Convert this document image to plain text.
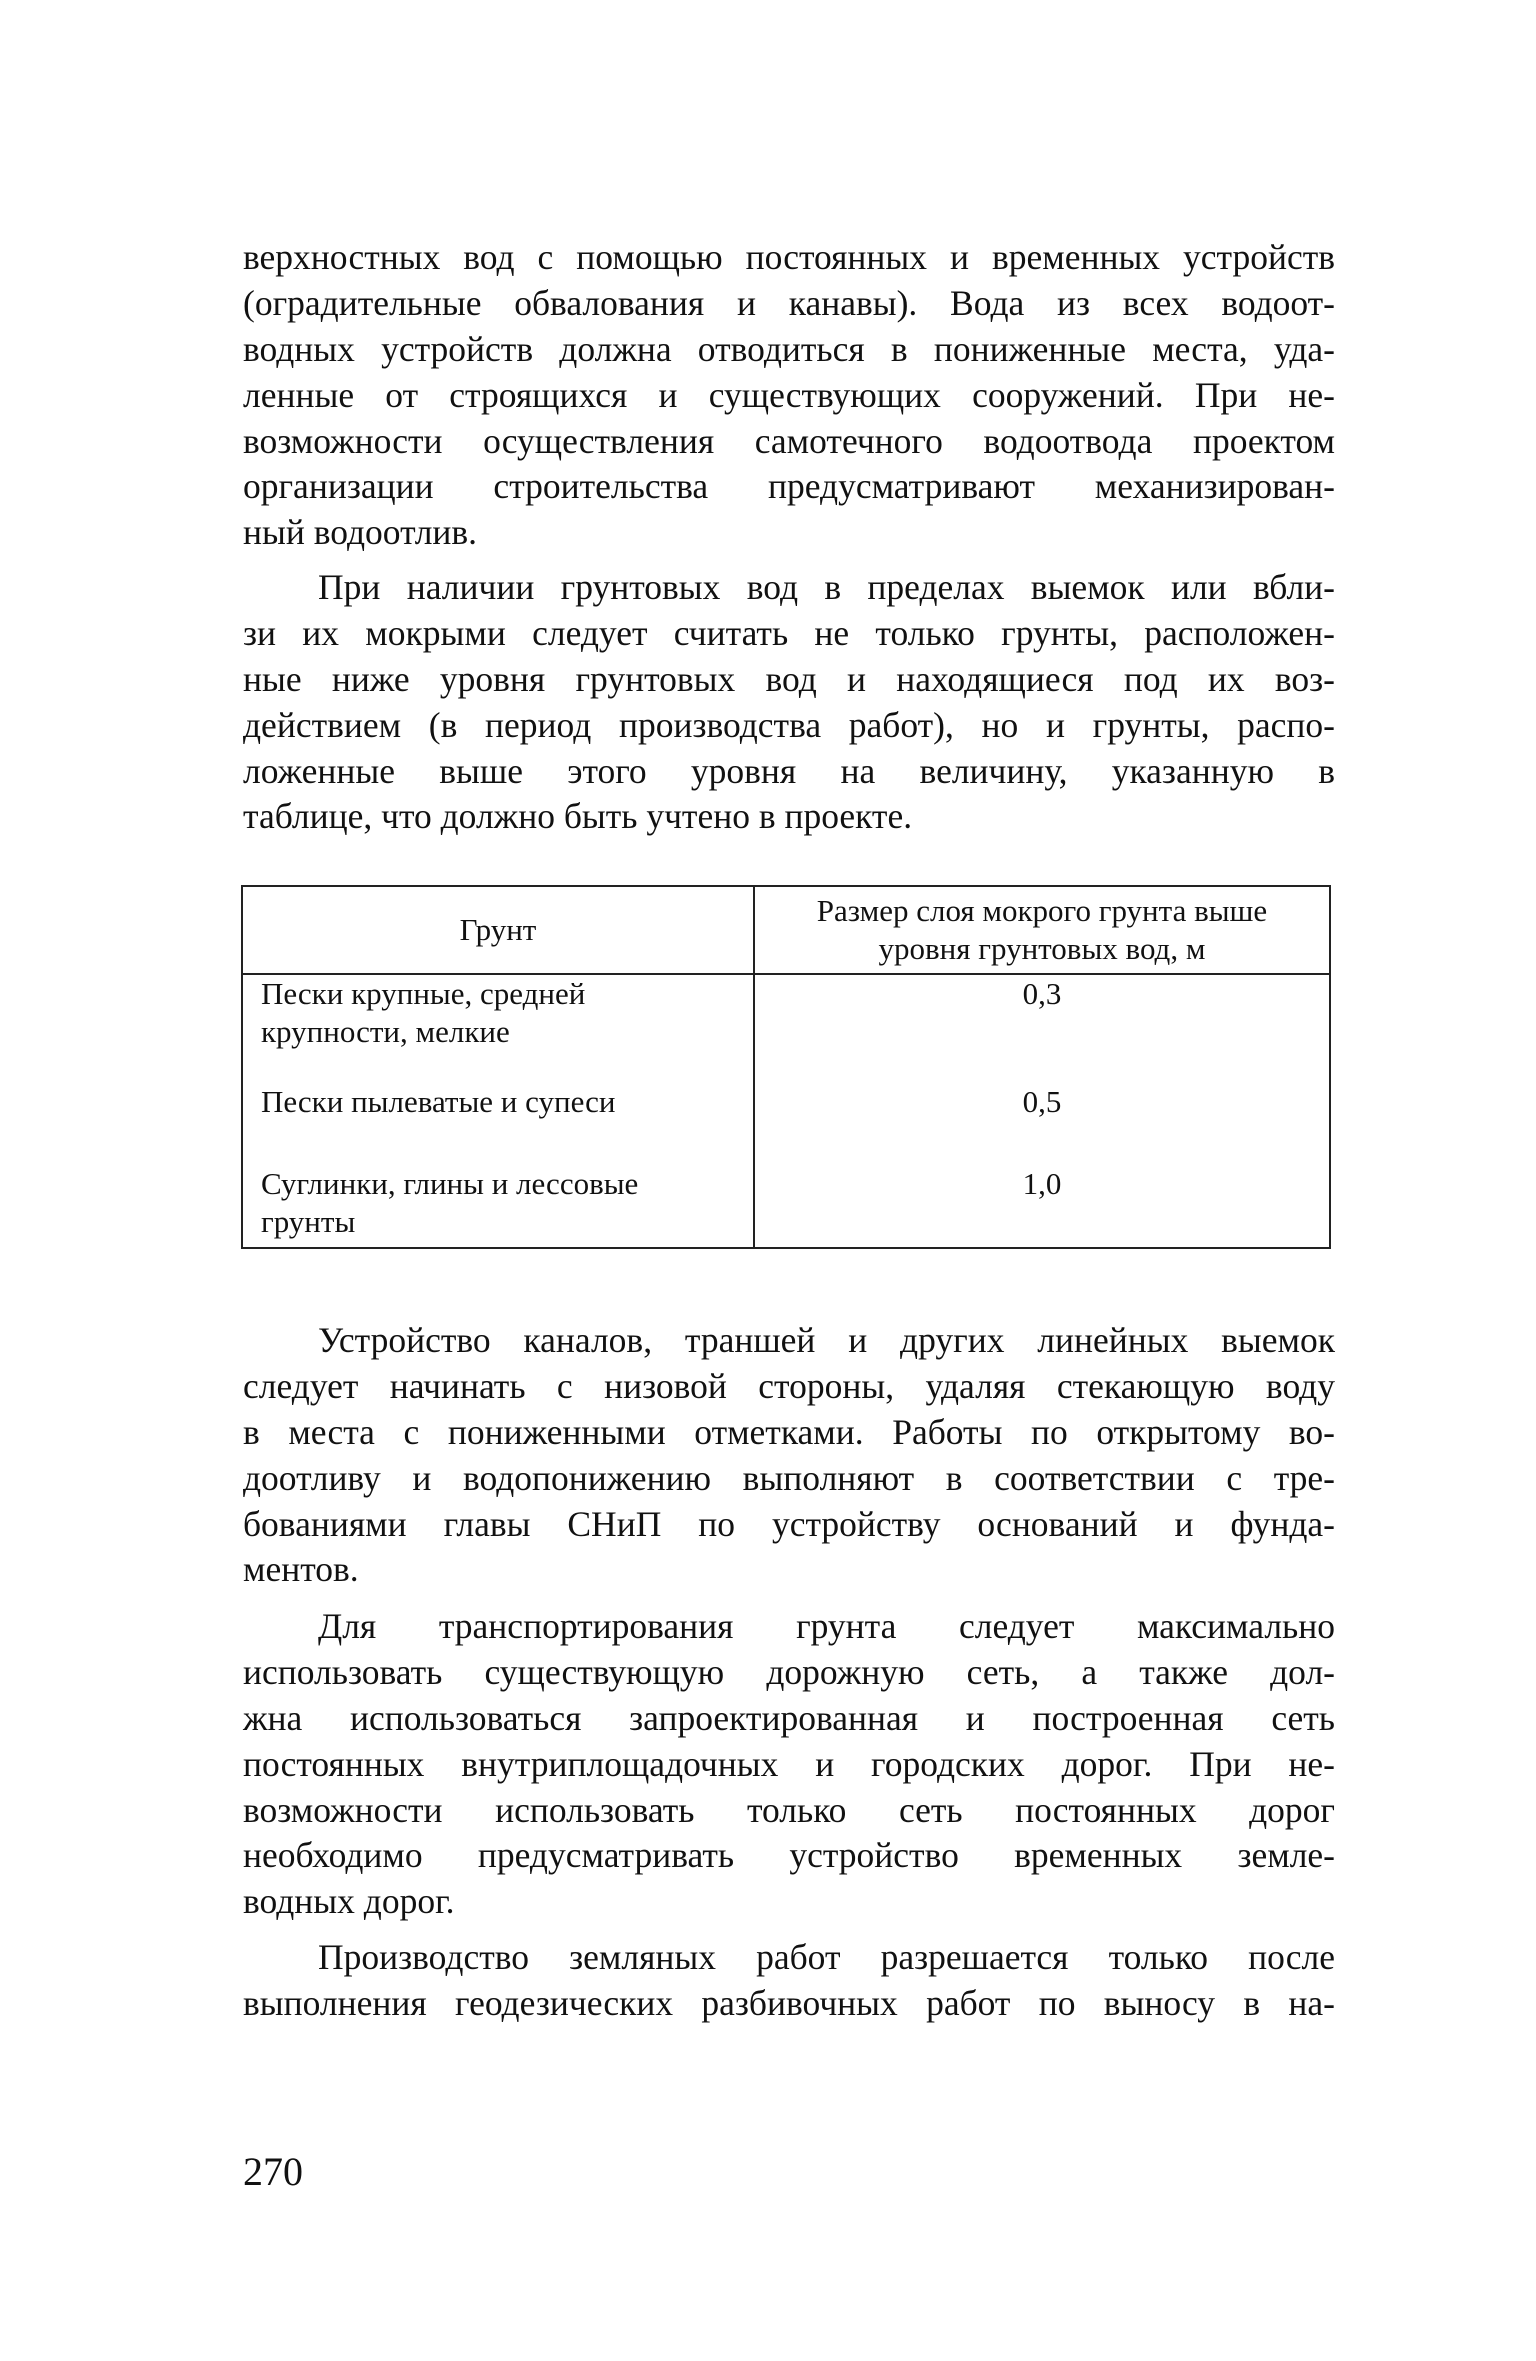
верхностных вод с помощью постоянных и временных устройств
(оградительные обвалования и канавы). Вода из всех водоот-
водных устройств должна отводиться в пониженные места, уда-
ленные от строящихся и существующих сооружений. При не-
возможности осуществления самотечного водоотвода проектом
организации строительства предусматривают механизирован-
ный водоотлив.
При наличии грунтовых вод в пределах выемок или вбли-
зи их мокрыми следует считать не только грунты, расположен-
ные ниже уровня грунтовых вод и находящиеся под их воз-
действием (в период производства работ), но и грунты, распо-
ложенные выше этого уровня на величину, указанную в
таблице, что должно быть учтено в проекте.
Грунт	Размер слоя мокрого грунта выше
уровня грунтовых вод, м

Пески крупные, средней
крупности, мелкие	0,3

Пески пылеватые и супеси	0,5

Суглинки, глины и лессовые
грунты	1,0
Устройство каналов, траншей и других линейных выемок
следует начинать с низовой стороны, удаляя стекающую воду
в места с пониженными отметками. Работы по открытому во-
доотливу и водопонижению выполняют в соответствии с тре-
бованиями главы СНиП по устройству оснований и фунда-
ментов.
Для транспортирования грунта следует максимально
использовать существующую дорожную сеть, а также дол-
жна использоваться запроектированная и построенная сеть
постоянных внутриплощадочных и городских дорог. При не-
возможности использовать только сеть постоянных дорог
необходимо предусматривать устройство временных земле-
водных дорог.
Производство земляных работ разрешается только после
выполнения геодезических разбивочных работ по выносу в на-
270
